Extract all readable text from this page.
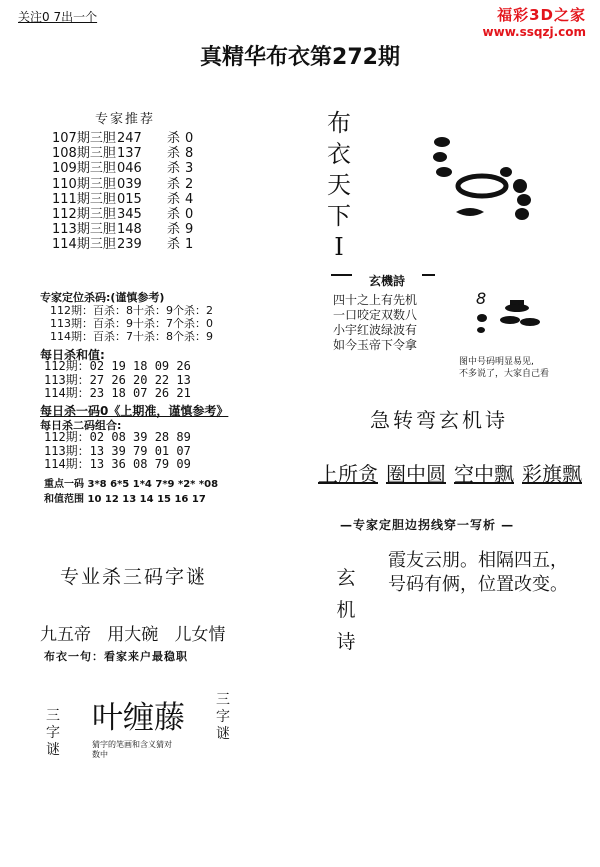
关注0 7出一个	福彩3D之家
www.ssqzj.com
真精华布衣第272期
专家推荐
107期三胆247 杀 0
108期三胆137 杀 8
109期三胆046 杀 3
110期三胆039 杀 2
111期三胆015 杀 4
112期三胆345 杀 0
113期三胆148 杀 9
114期三胆239 杀 1
专家定位杀码:(谨慎参考)
112期：百杀：8十杀：9个杀：2
113期：百杀：9十杀：7个杀：0
114期：百杀：7十杀：8个杀：9
每日杀和值:
112期：02 19 18 09 26
113期：27 26 20 22 13
114期：23 18 07 26 21
每日杀一码0《上期准，谨慎参考》
每日杀二码组合:
112期：02 08 39 28 89
113期：13 39 79 01 07
114期：13 36 08 79 09
重点一码 3*8 6*5 1*4 7*9 *2* *08
和值范围 10 12 13 14 15 16 17
专业杀三码字谜
九五帝 用大碗 儿女情
布衣一句：看家来户最稳职
三字谜
叶缠藤
猜字的笔画和含义猜对数中
三字谜
布衣天下Ⅰ
玄機詩
四十之上有先机
一口咬定双数八
小宇红波绿波有
如今玉帝下令拿
8
图中号码明显易见,
不多说了，大家自己看
急转弯玄机诗
上所贪 圈中圆 空中飘 彩旗飘
—专家定胆边拐线穿一写析 —
玄机诗
霞友云朋。相隔四五，
号码有俩，位置改变。
